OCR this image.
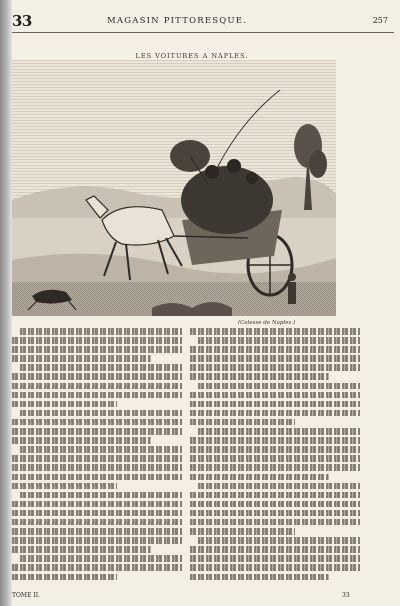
33	MAGASIN PITTORESQUE.	257
LES VOITURES A NAPLES.
(Calesse de Naples.)
TOME II.	33
